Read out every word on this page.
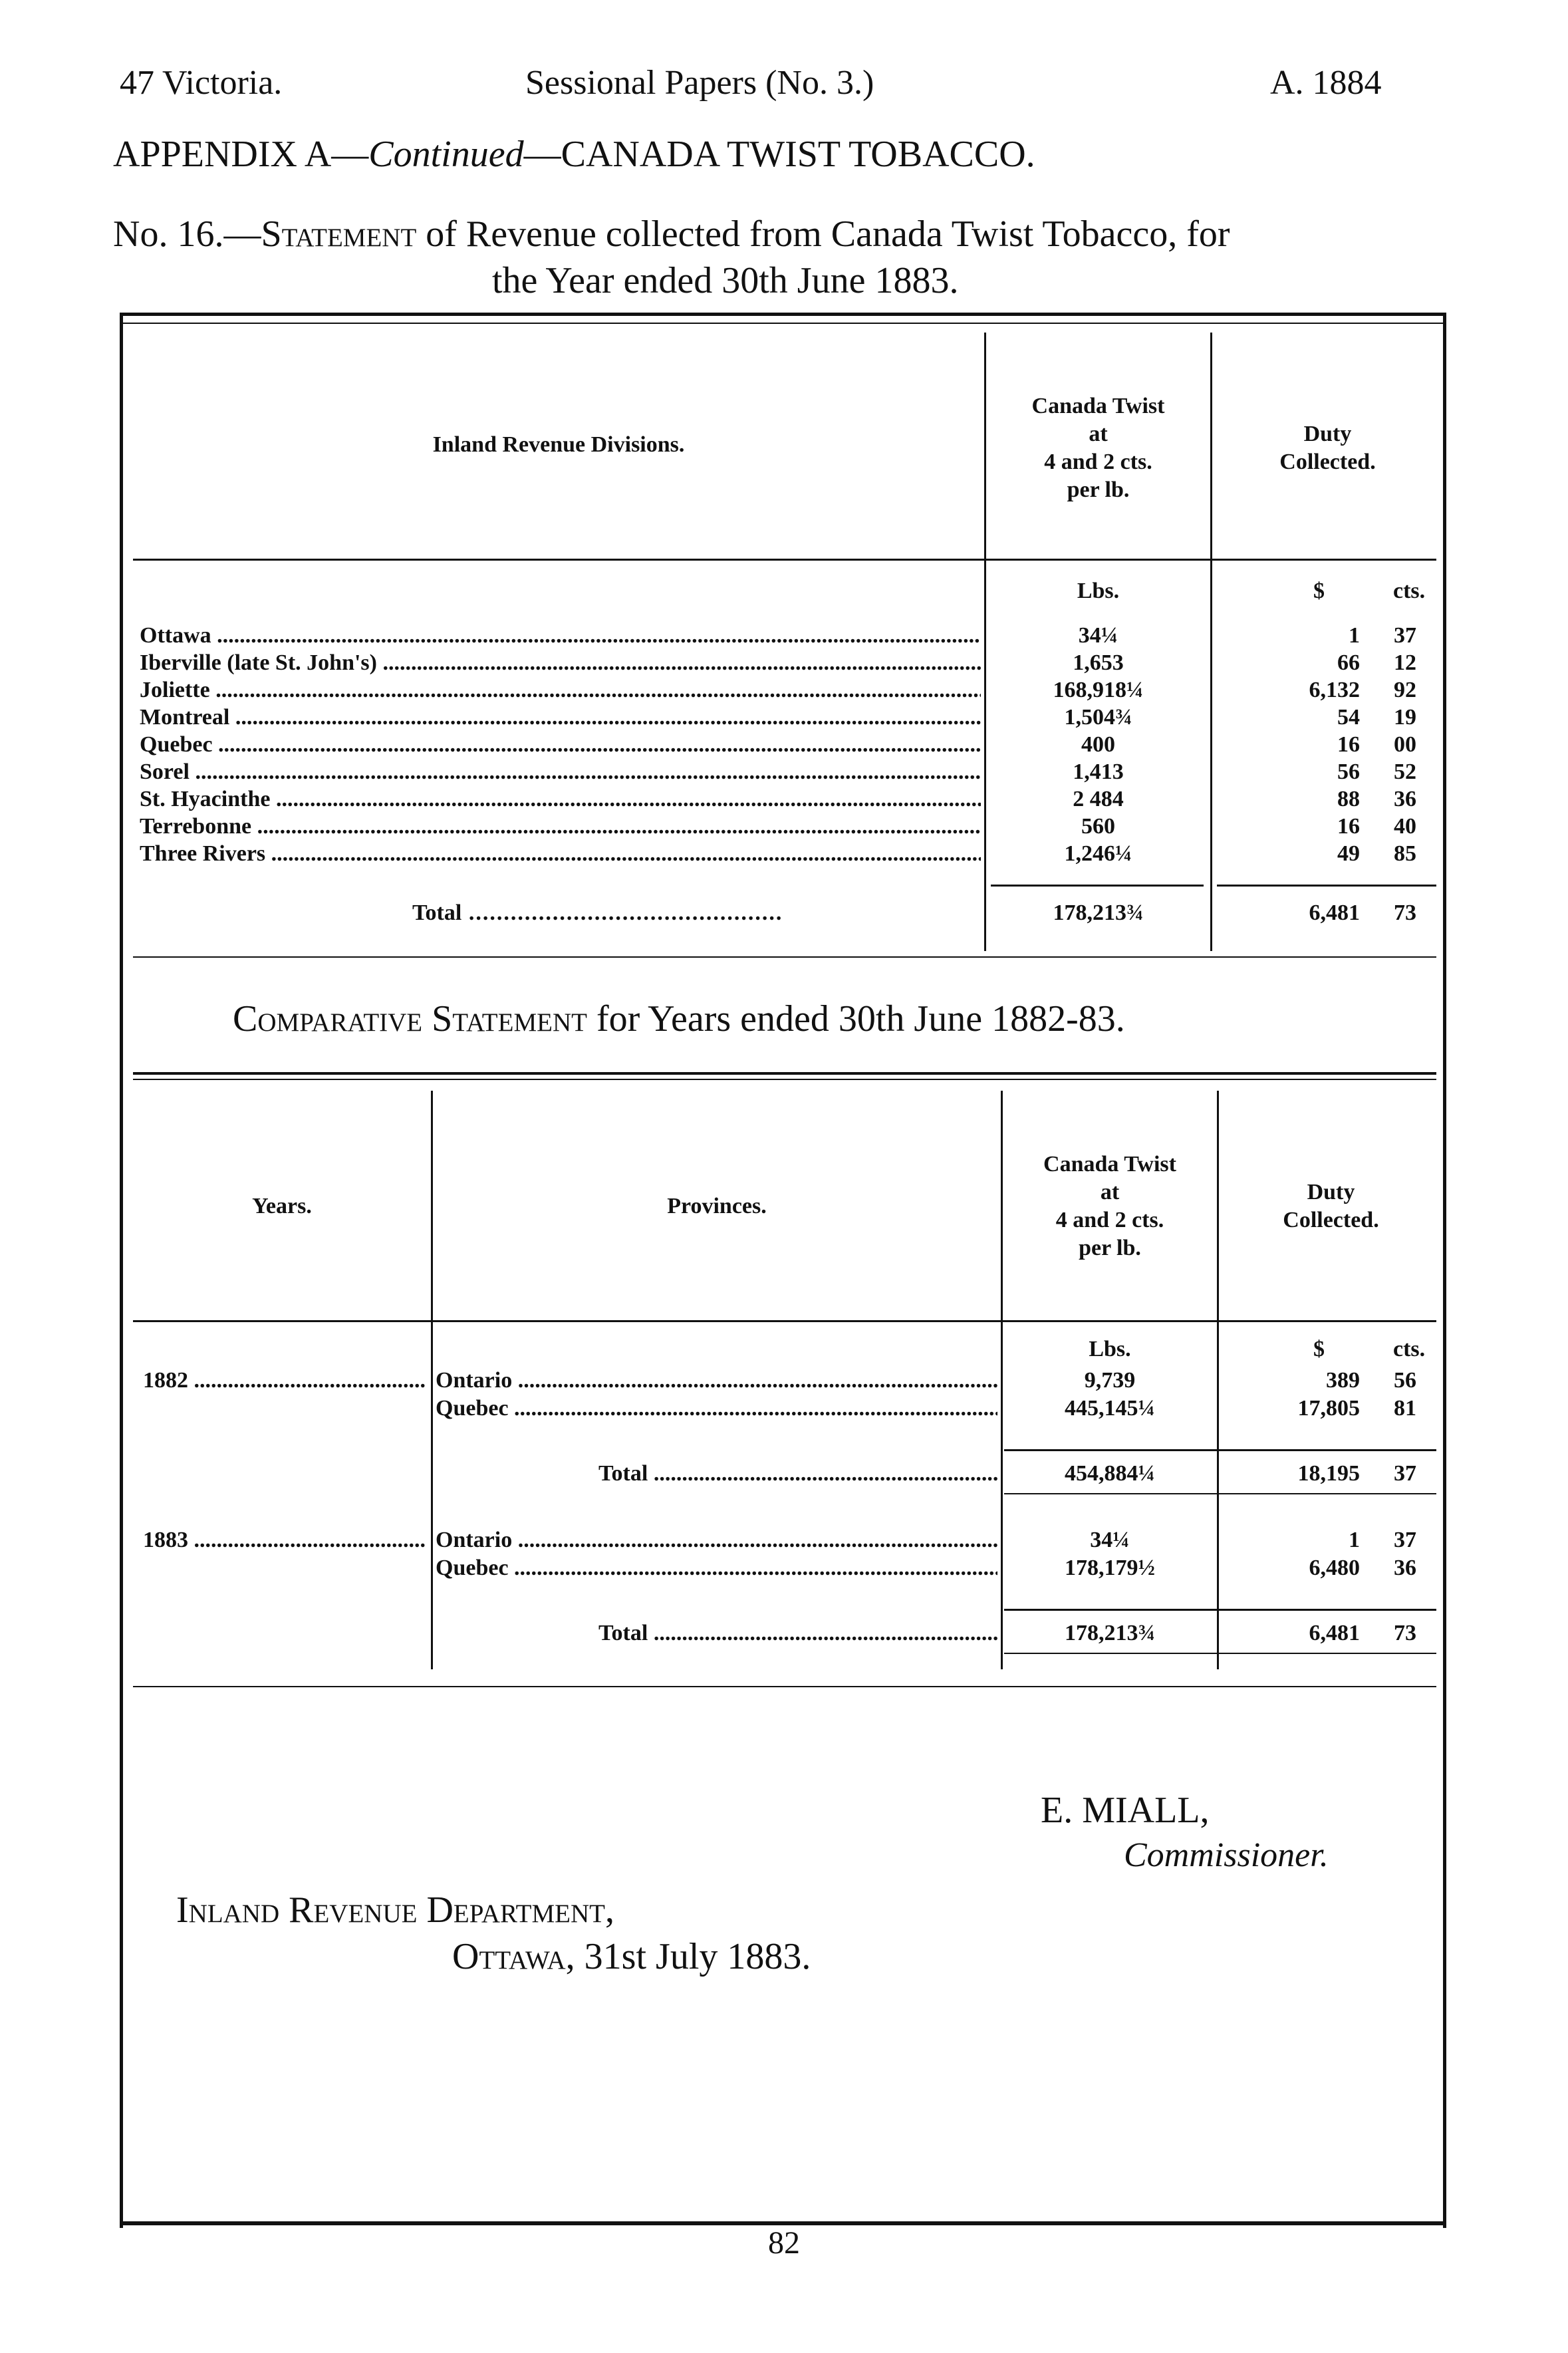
47 Victoria.	Sessional Papers (No. 3.)	A. 1884
APPENDIX A—Continued—CANADA TWIST TOBACCO.
No. 16.—Statement of Revenue collected from Canada Twist Tobacco, for
the Year ended 30th June 1883.
Inland Revenue Divisions.
Canada Twist
at
4 and 2 cts.
per lb.
Duty
Collected.
Lbs.	$	cts.
Ottawa .....	34¼	1	37
Iberville (late St. John's) .....	1,653	66	12
Joliette .....	168,918¼	6,132	92
Montreal .....	1,504¾	54	19
Quebec .....	400	16	00
Sorel .....	1,413	56	52
St. Hyacinthe .....	2 484	88	36
Terrebonne .....	560	16	40
Three Rivers .....	1,246¼	49	85
Total .............................................	178,213¾	6,481	73
Comparative Statement for Years ended 30th June 1882-83.
Years.	Provinces.
Canada Twist
at
4 and 2 cts.
per lb.
Duty
Collected.
Lbs.	$	cts.
1882 .....	Ontario .....	9,739	389	56
Quebec .....	445,145¼	17,805	81
Total .....	454,884¼	18,195	37
1883 .....	Ontario .....	34¼	1	37
Quebec .....	178,179½	6,480	36
Total .....	178,213¾	6,481	73
E. MIALL,
Commissioner.
Inland Revenue Department,
Ottawa, 31st July 1883.
82
